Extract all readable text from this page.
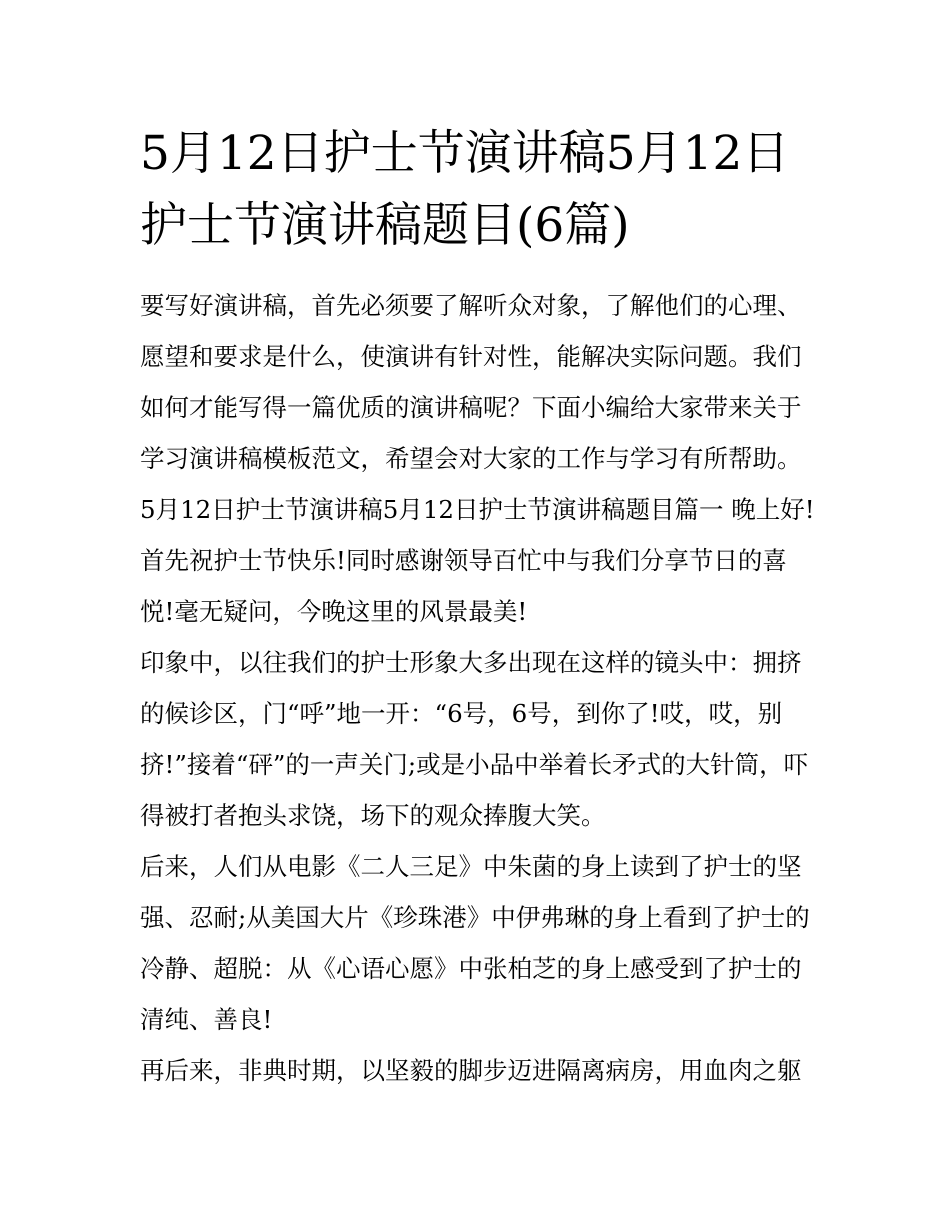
5月12日护士节演讲稿5月12日护士节演讲稿题目(6篇)

要写好演讲稿，首先必须要了解听众对象，了解他们的心理、愿望和要求是什么，使演讲有针对性，能解决实际问题。我们如何才能写得一篇优质的演讲稿呢？下面小编给大家带来关于学习演讲稿模板范文，希望会对大家的工作与学习有所帮助。

5月12日护士节演讲稿5月12日护士节演讲稿题目篇一 晚上好!首先祝护士节快乐!同时感谢领导百忙中与我们分享节日的喜悦!毫无疑问，今晚这里的风景最美!

印象中，以往我们的护士形象大多出现在这样的镜头中：拥挤的候诊区，门“呼”地一开：“6号，6号，到你了!哎，哎，别挤!”接着“砰”的一声关门;或是小品中举着长矛式的大针筒，吓得被打者抱头求饶，场下的观众捧腹大笑。

后来，人们从电影《二人三足》中朱菌的身上读到了护士的坚强、忍耐;从美国大片《珍珠港》中伊弗琳的身上看到了护士的冷静、超脱：从《心语心愿》中张柏芝的身上感受到了护士的清纯、善良!

再后来，非典时期，以坚毅的脚步迈进隔离病房，用血肉之躯
